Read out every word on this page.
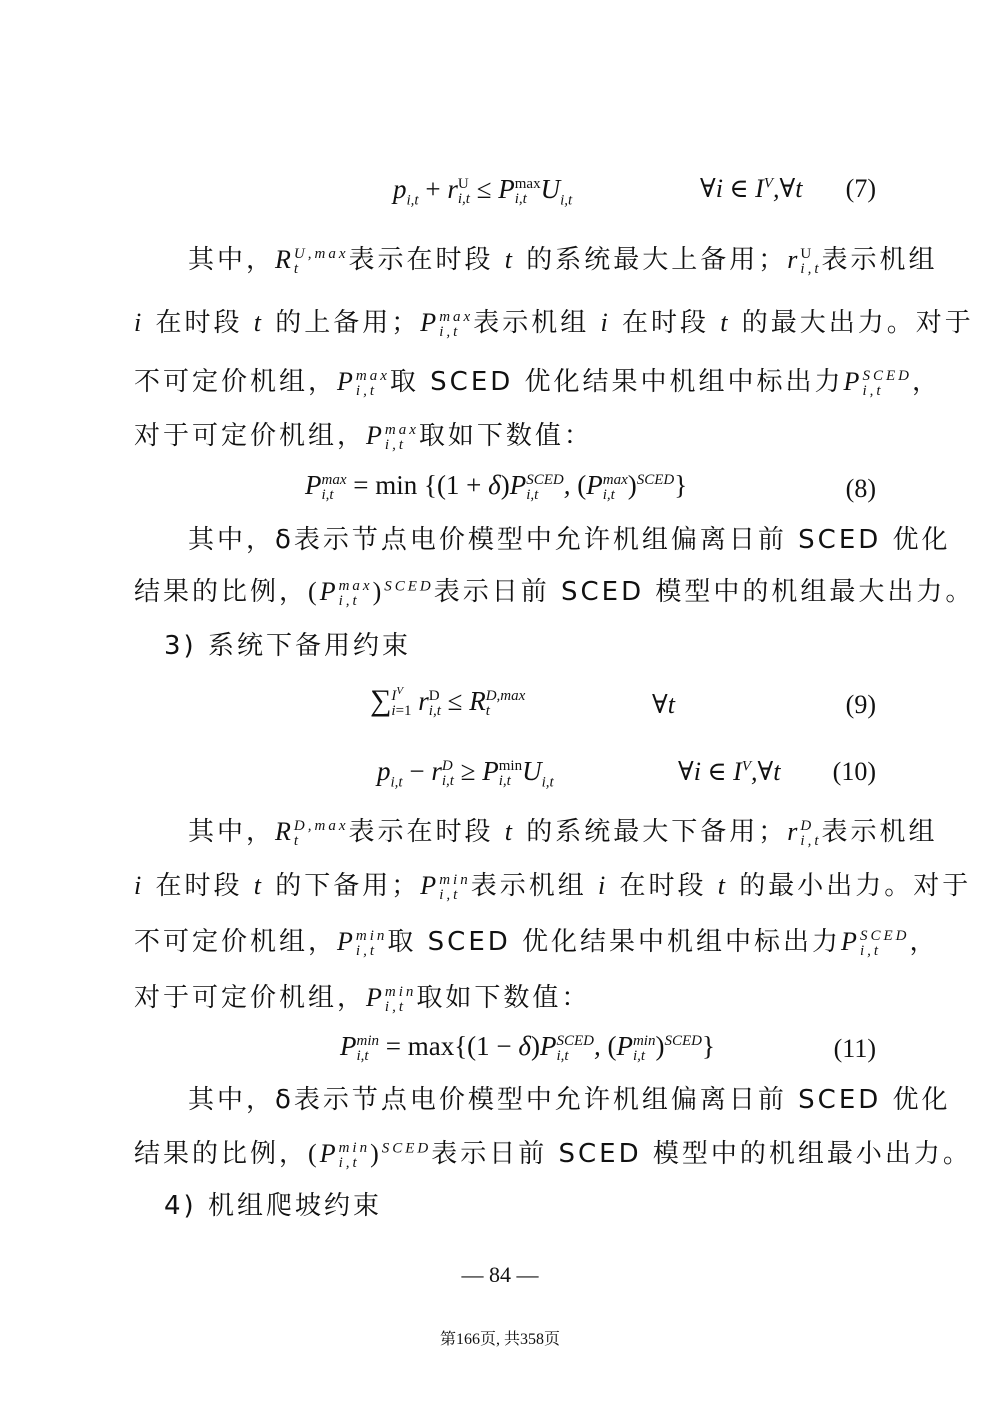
$p_{i,t} + r$ U
i,t ≤ P max
i,t $U_{i,t}$	∀i ∈ $I^V,\forall t$ (7)
其中，R U,max
t	表示在时段 t 的系统最大上备用；r U
i,t 表示机组
i 在时段 t 的上备用；P max
i,t 表示机组 i 在时段 t 的最大出力。对于
不可定价机组，P max
i,t 取 SCED 优化结果中机组中标出力P SCED
i,t	，
对于可定价机组，P max
i,t 取如下数值：
P max
i,t = min {(1 + δ)P SCED
i,t , (P max
i,t )$^{SCED}$}	(8)
其中，δ表示节点电价模型中允许机组偏离日前 SCED 优化
结果的比例，(P max
i,t )$^{SCED}$表示日前 SCED 模型中的机组最大出力。
3) 系统下备用约束
∑ $I^V$
i=1 r D
i,t ≤ R D,max
t	∀t	(9)
$p_{i,t} - r$ D
i,t ≥ P min
i,t $U_{i,t}$	∀i ∈ $I^V,\forall t$ (10)
其中，R D,max
t	表示在时段 t 的系统最大下备用；r D
i,t 表示机组
i 在时段 t 的下备用；P min
i,t 表示机组 i 在时段 t 的最小出力。对于
不可定价机组，P min
i,t 取 SCED 优化结果中机组中标出力P SCED
i,t	，
对于可定价机组，P min
i,t 取如下数值：
P min
i,t = max{(1 − δ)P SCED
i,t , (P min
i,t )$^{SCED}$}	(11)
其中，δ表示节点电价模型中允许机组偏离日前 SCED 优化
结果的比例，(P min
i,t )$^{SCED}$表示日前 SCED 模型中的机组最小出力。
4) 机组爬坡约束
— 84 —
第166页, 共358页
